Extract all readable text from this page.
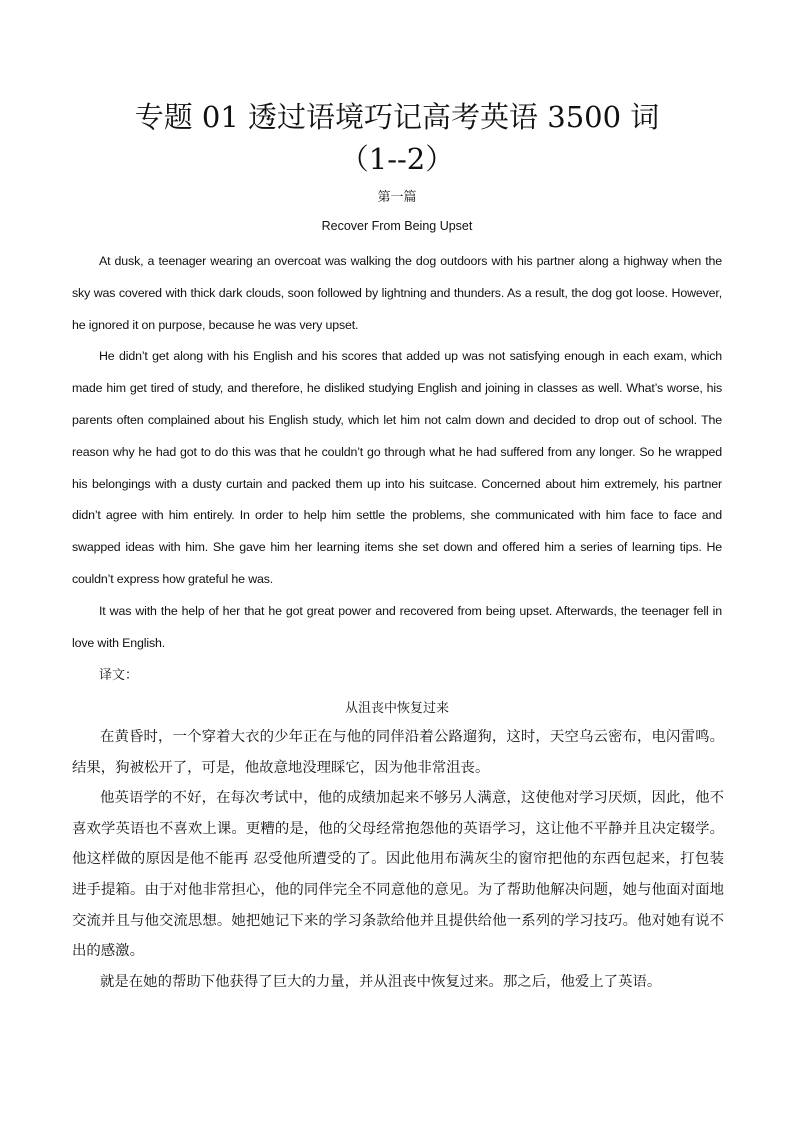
专题 01 透过语境巧记高考英语 3500 词
（1--2）
第一篇
Recover From Being Upset

At dusk, a teenager wearing an overcoat was walking the dog outdoors with his partner along a highway when the sky was covered with thick dark clouds, soon followed by lightning and thunders. As a result, the dog got loose. However, he ignored it on purpose, because he was very upset.

He didn’t get along with his English and his scores that added up was not satisfying enough in each exam, which made him get tired of study, and therefore, he disliked studying English and joining in classes as well. What’s worse, his parents often complained about his English study, which let him not calm down and decided to drop out of school. The reason why he had got to do this was that he couldn’t go through what he had suffered from any longer. So he wrapped his belongings with a dusty curtain and packed them up into his suitcase. Concerned about him extremely, his partner didn’t agree with him entirely. In order to help him settle the problems, she communicated with him face to face and swapped ideas with him. She gave him her learning items she set down and offered him a series of learning tips. He couldn’t express how grateful he was.

It was with the help of her that he got great power and recovered from being upset. Afterwards, the teenager fell in love with English.

译文：
从沮丧中恢复过来

在黄昏时，一个穿着大衣的少年正在与他的同伴沿着公路遛狗，这时，天空乌云密布，电闪雷鸣。结果，狗被松开了，可是，他故意地没理睬它，因为他非常沮丧。

他英语学的不好，在每次考试中，他的成绩加起来不够另人满意，这使他对学习厌烦，因此，他不喜欢学英语也不喜欢上课。更糟的是，他的父母经常抱怨他的英语学习，这让他不平静并且决定辍学。他这样做的原因是他不能再 忍受他所遭受的了。因此他用布满灰尘的窗帘把他的东西包起来，打包装进手提箱。由于对他非常担心，他的同伴完全不同意他的意见。为了帮助他解决问题，她与他面对面地交流并且与他交流思想。她把她记下来的学习条款给他并且提供给他一系列的学习技巧。他对她有说不出的感激。

就是在她的帮助下他获得了巨大的力量，并从沮丧中恢复过来。那之后，他爱上了英语。
